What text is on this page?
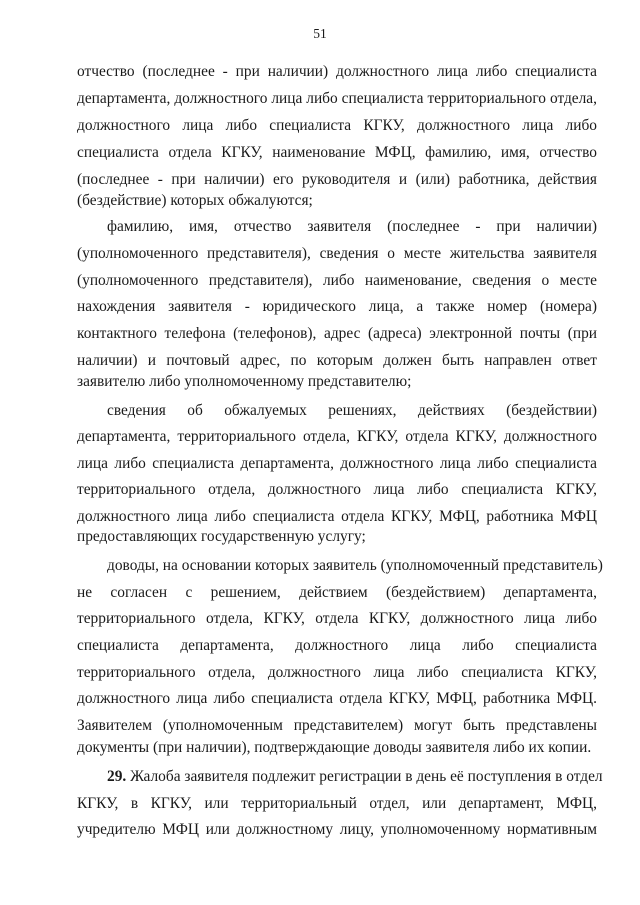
51
отчество (последнее - при наличии) должностного лица либо специалиста
департамента, должностного лица либо специалиста территориального отдела,
должностного лица либо специалиста КГКУ, должностного лица либо
специалиста отдела КГКУ, наименование МФЦ, фамилию, имя, отчество
(последнее - при наличии) его руководителя и (или) работника, действия
(бездействие) которых обжалуются;
фамилию, имя, отчество заявителя (последнее - при наличии)
(уполномоченного представителя), сведения о месте жительства заявителя
(уполномоченного представителя), либо наименование, сведения о месте
нахождения заявителя - юридического лица, а также номер (номера)
контактного телефона (телефонов), адрес (адреса) электронной почты (при
наличии) и почтовый адрес, по которым должен быть направлен ответ
заявителю либо уполномоченному представителю;
сведения об обжалуемых решениях, действиях (бездействии)
департамента, территориального отдела, КГКУ, отдела КГКУ, должностного
лица либо специалиста департамента, должностного лица либо специалиста
территориального отдела, должностного лица либо специалиста КГКУ,
должностного лица либо специалиста отдела КГКУ, МФЦ, работника МФЦ
предоставляющих государственную услугу;
доводы, на основании которых заявитель (уполномоченный представитель)
не согласен с решением, действием (бездействием) департамента,
территориального отдела, КГКУ, отдела КГКУ, должностного лица либо
специалиста департамента, должностного лица либо специалиста
территориального отдела, должностного лица либо специалиста КГКУ,
должностного лица либо специалиста отдела КГКУ, МФЦ, работника МФЦ.
Заявителем (уполномоченным представителем) могут быть представлены
документы (при наличии), подтверждающие доводы заявителя либо их копии.
29. Жалоба заявителя подлежит регистрации в день её поступления в отдел
КГКУ, в КГКУ, или территориальный отдел, или департамент, МФЦ,
учредителю МФЦ или должностному лицу, уполномоченному нормативным
